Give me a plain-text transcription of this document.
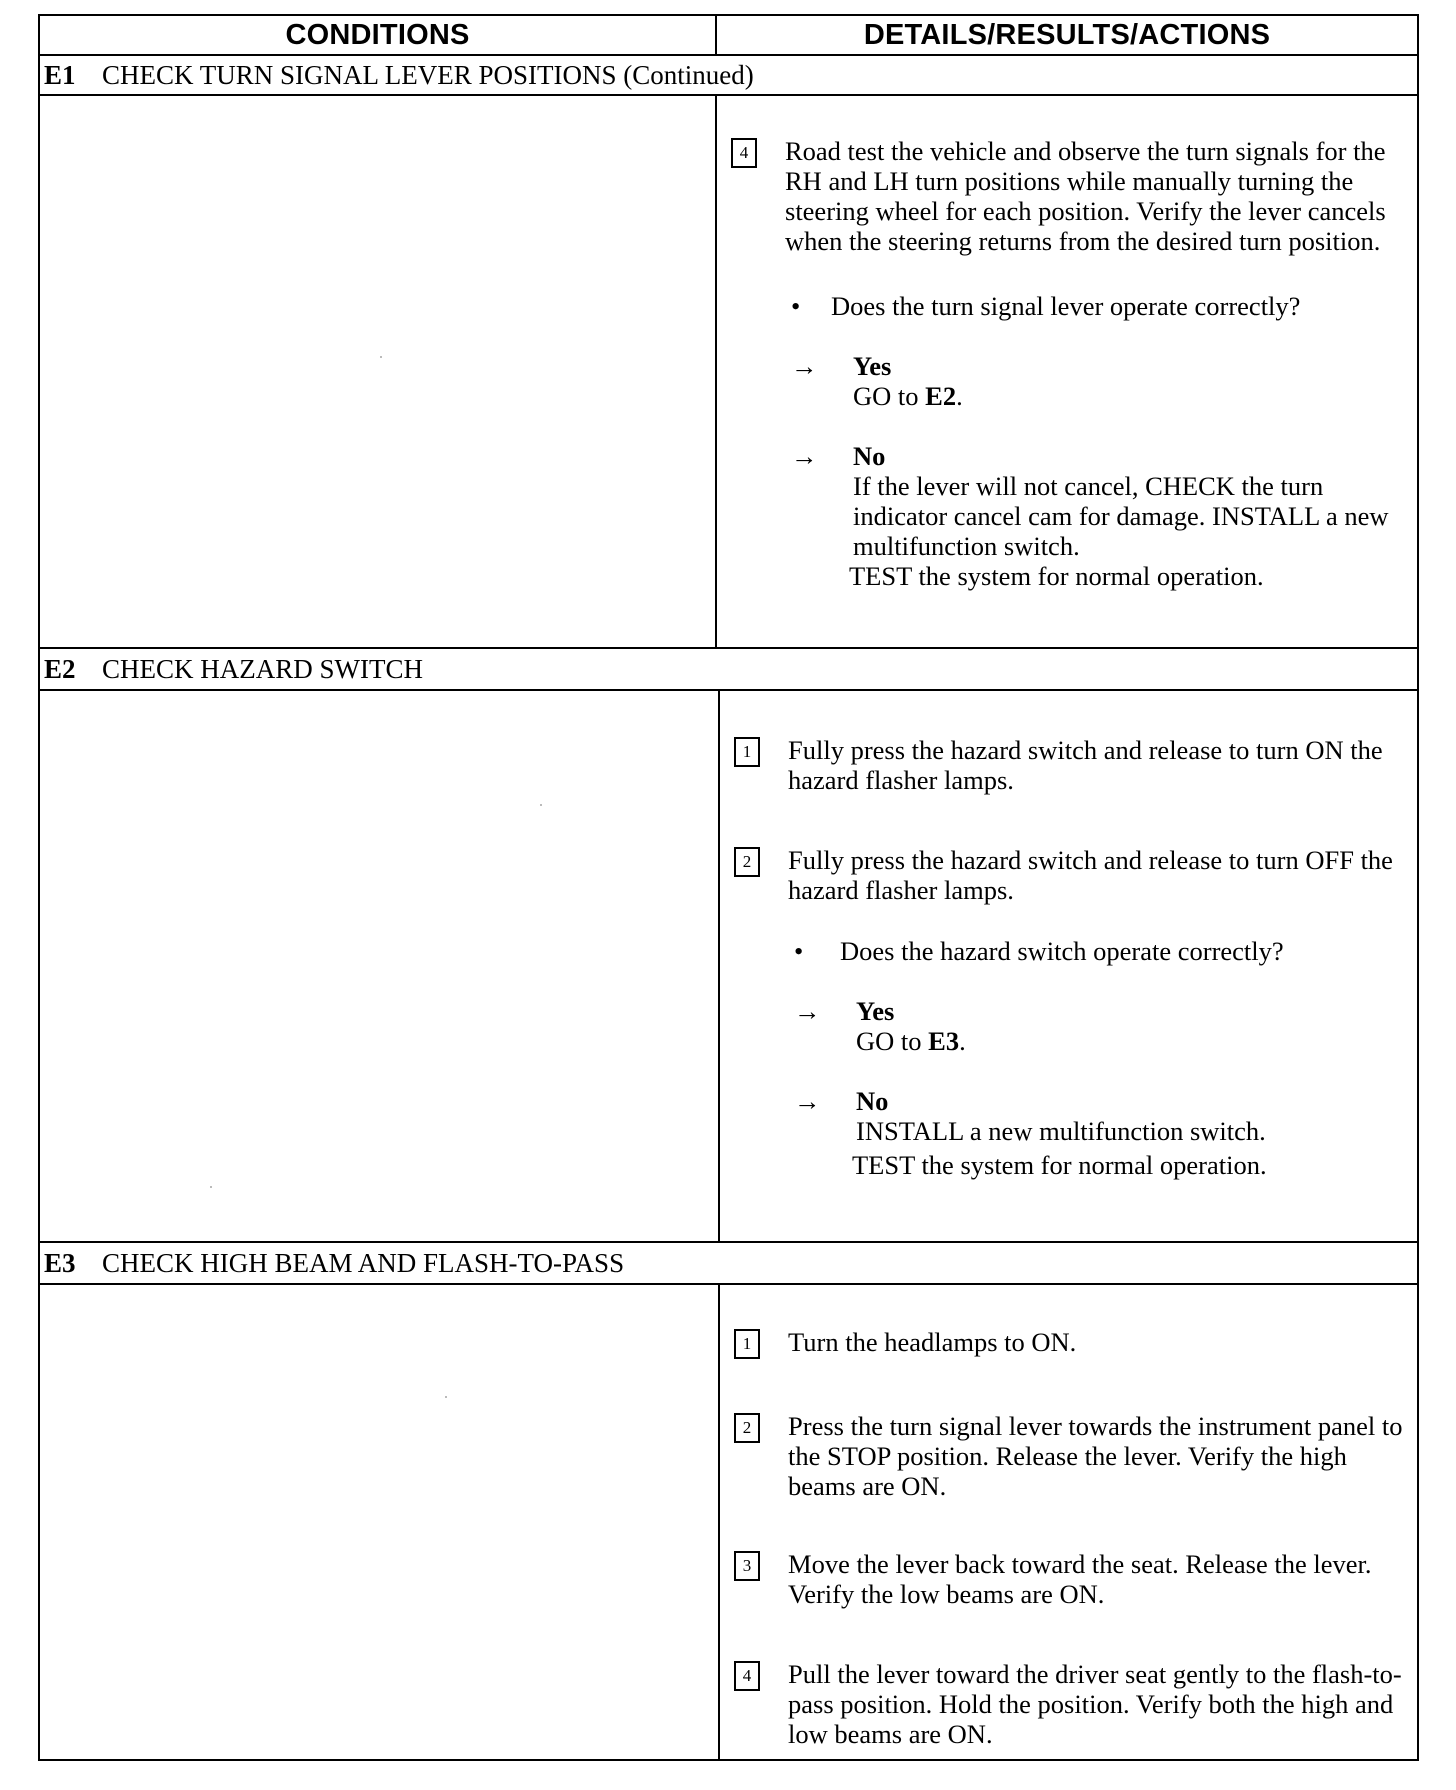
CONDITIONS	DETAILS/RESULTS/ACTIONS
E1 CHECK TURN SIGNAL LEVER POSITIONS (Continued)
4	Road test the vehicle and observe the turn signals for the RH and LH turn positions while manually turning the steering wheel for each position. Verify the lever cancels when the steering returns from the desired turn position.
• Does the turn signal lever operate correctly?
→ Yes
GO to E2.
→ No
If the lever will not cancel, CHECK the turn indicator cancel cam for damage. INSTALL a new multifunction switch.
TEST the system for normal operation.
E2 CHECK HAZARD SWITCH
1	Fully press the hazard switch and release to turn ON the hazard flasher lamps.
2	Fully press the hazard switch and release to turn OFF the hazard flasher lamps.
• Does the hazard switch operate correctly?
→ Yes
GO to E3.
→ No
INSTALL a new multifunction switch.
TEST the system for normal operation.
E3 CHECK HIGH BEAM AND FLASH-TO-PASS
1	Turn the headlamps to ON.
2	Press the turn signal lever towards the instrument panel to the STOP position. Release the lever. Verify the high beams are ON.
3	Move the lever back toward the seat. Release the lever. Verify the low beams are ON.
4	Pull the lever toward the driver seat gently to the flash-to-pass position. Hold the position. Verify both the high and low beams are ON.
